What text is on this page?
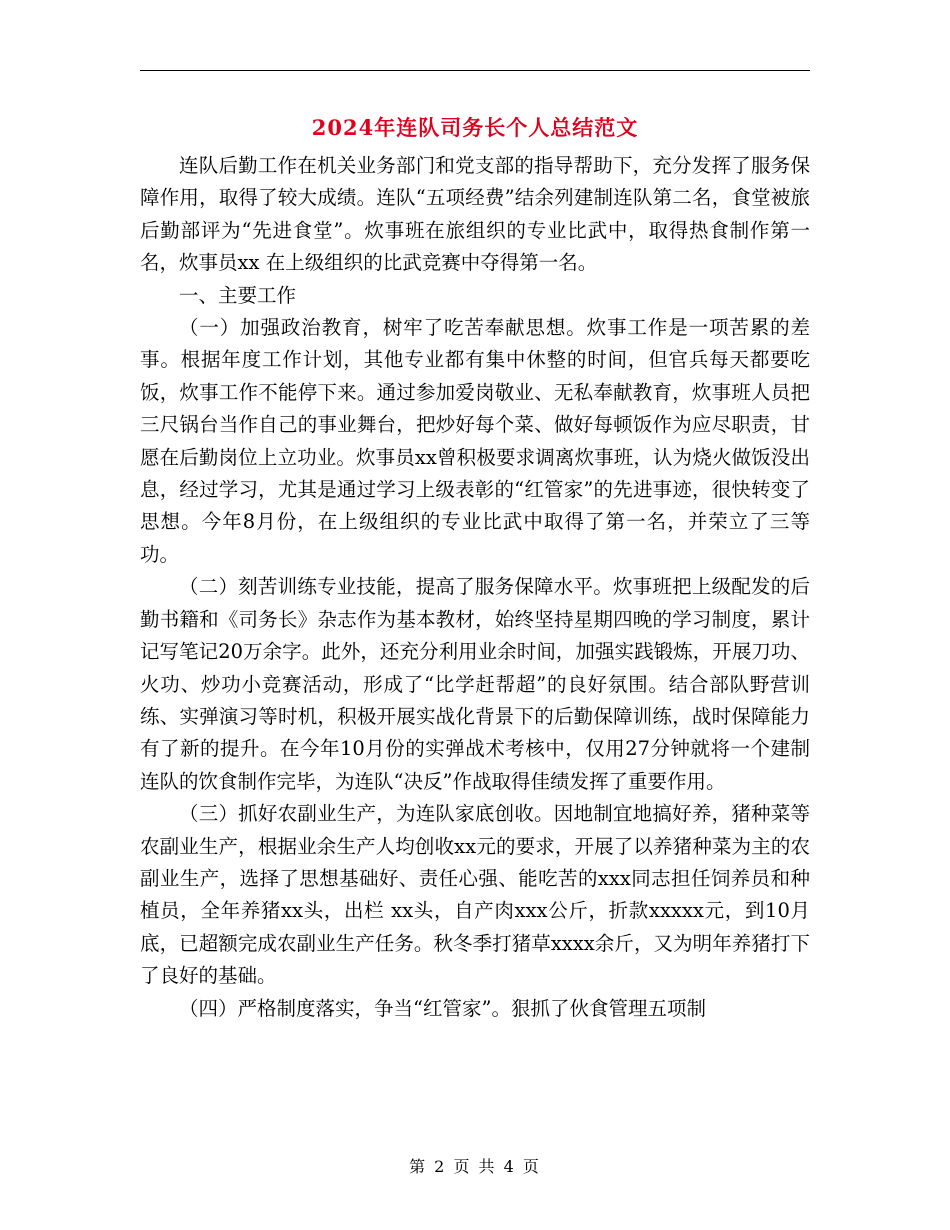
2024年连队司务长个人总结范文

连队后勤工作在机关业务部门和党支部的指导帮助下，充分发挥了服务保障作用，取得了较大成绩。连队“五项经费”结余列建制连队第二名，食堂被旅后勤部评为“先进食堂”。炊事班在旅组织的专业比武中，取得热食制作第一名，炊事员xx 在上级组织的比武竞赛中夺得第一名。

一、主要工作

（一）加强政治教育，树牢了吃苦奉献思想。炊事工作是一项苦累的差事。根据年度工作计划，其他专业都有集中休整的时间，但官兵每天都要吃饭，炊事工作不能停下来。通过参加爱岗敬业、无私奉献教育，炊事班人员把三尺锅台当作自己的事业舞台，把炒好每个菜、做好每顿饭作为应尽职责，甘愿在后勤岗位上立功业。炊事员xx曾积极要求调离炊事班，认为烧火做饭没出息，经过学习，尤其是通过学习上级表彰的“红管家”的先进事迹，很快转变了思想。今年8月份，在上级组织的专业比武中取得了第一名，并荣立了三等功。

（二）刻苦训练专业技能，提高了服务保障水平。炊事班把上级配发的后勤书籍和《司务长》杂志作为基本教材，始终坚持星期四晚的学习制度，累计记写笔记20万余字。此外，还充分利用业余时间，加强实践锻炼，开展刀功、火功、炒功小竞赛活动，形成了“比学赶帮超”的良好氛围。结合部队野营训练、实弹演习等时机，积极开展实战化背景下的后勤保障训练，战时保障能力有了新的提升。在今年10月份的实弹战术考核中，仅用27分钟就将一个建制连队的饮食制作完毕，为连队“决反”作战取得佳绩发挥了重要作用。

（三）抓好农副业生产，为连队家底创收。因地制宜地搞好养，猪种菜等农副业生产，根据业余生产人均创收xx元的要求，开展了以养猪种菜为主的农副业生产，选择了思想基础好、责任心强、能吃苦的xxx同志担任饲养员和种植员，全年养猪xx头，出栏 xx头，自产肉xxx公斤，折款xxxxx元，到10月底，已超额完成农副业生产任务。秋冬季打猪草xxxx余斤，又为明年养猪打下了良好的基础。

（四）严格制度落实，争当“红管家”。狠抓了伙食管理五项制

第 2 页 共 4 页
